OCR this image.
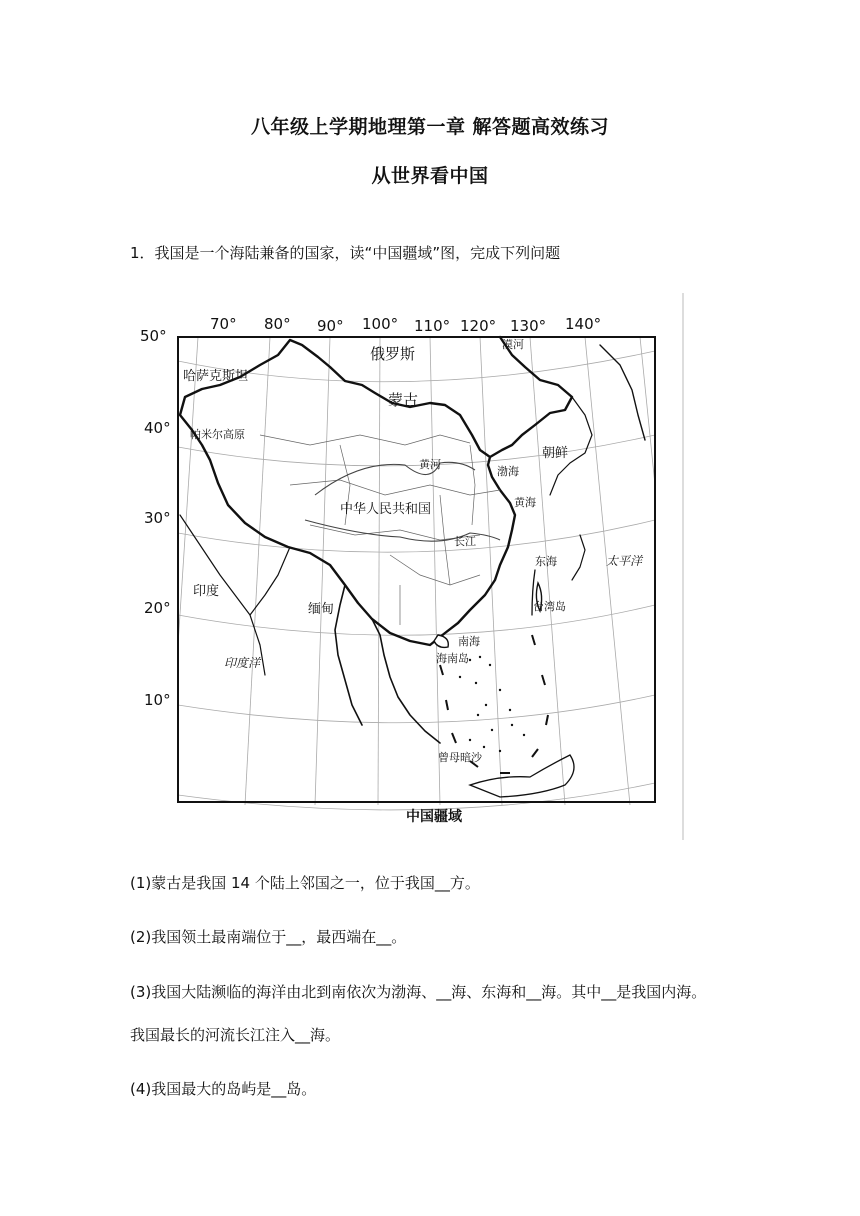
八年级上学期地理第一章 解答题高效练习
从世界看中国
1．我国是一个海陆兼备的国家，读“中国疆域”图，完成下列问题
70° 80° 90° 100° 110° 120° 130° 140°
50°
40°
30°
20°
10°
俄罗斯
漠河
哈萨克斯坦
蒙古
帕米尔高原
黄河
渤海
朝鲜
中华人民共和国	黄海
长江
东海	太平洋
印度
缅甸	台湾岛
南海
海南岛
印度洋
曾母暗沙
中国疆域
(1)蒙古是我国 14 个陆上邻国之一，位于我国__方。
(2)我国领土最南端位于__，最西端在__。
(3)我国大陆濒临的海洋由北到南依次为渤海、__海、东海和__海。其中__是我国内海。
我国最长的河流长江注入__海。
(4)我国最大的岛屿是__岛。
